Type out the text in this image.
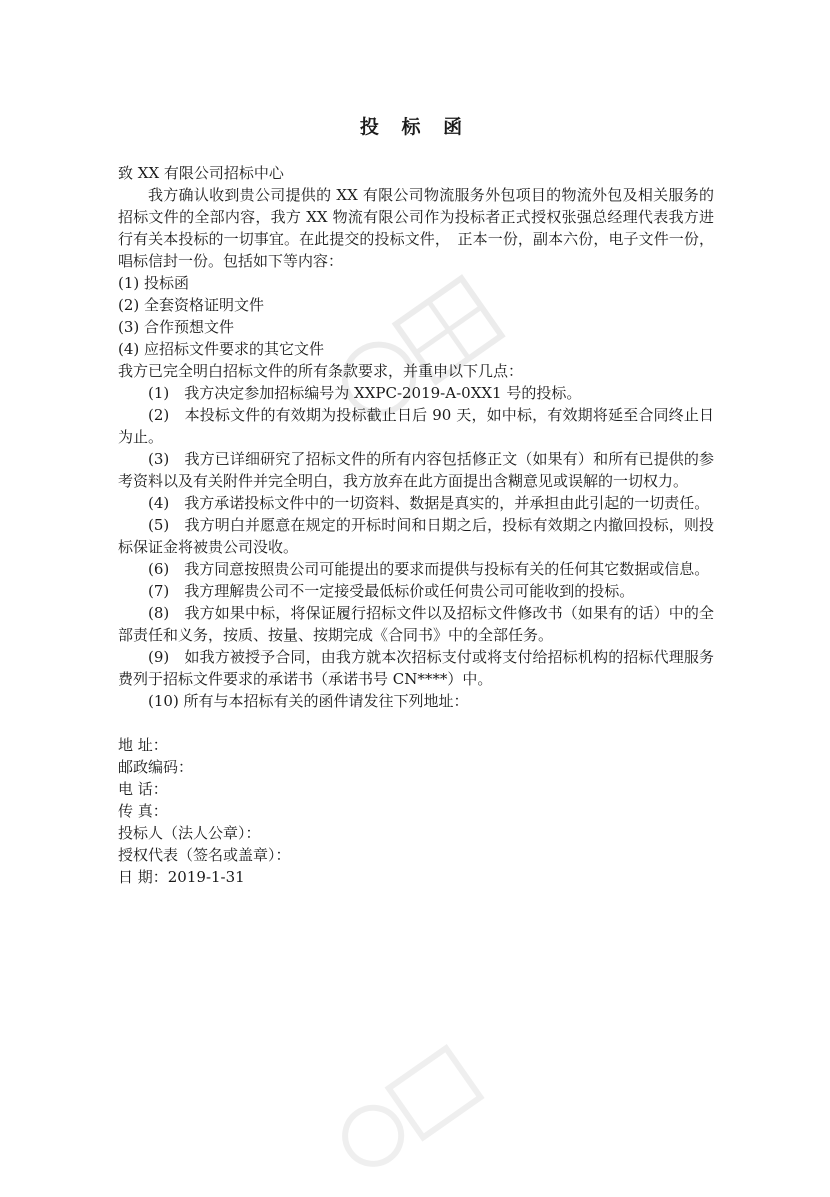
投 标 函

致 XX 有限公司招标中心

我方确认收到贵公司提供的 XX 有限公司物流服务外包项目的物流外包及相关服务的招标文件的全部内容，我方 XX 物流有限公司作为投标者正式授权张强总经理代表我方进行有关本投标的一切事宜。在此提交的投标文件，　正本一份，副本六份，电子文件一份，唱标信封一份。包括如下等内容：

(1) 投标函

(2) 全套资格证明文件

(3) 合作预想文件

(4) 应招标文件要求的其它文件

我方已完全明白招标文件的所有条款要求，并重申以下几点：

(1)　我方决定参加招标编号为 XXPC-2019-A-0XX1 号的投标。

(2)　本投标文件的有效期为投标截止日后 90 天，如中标，有效期将延至合同终止日为止。

(3)　我方已详细研究了招标文件的所有内容包括修正文（如果有）和所有已提供的参考资料以及有关附件并完全明白，我方放弃在此方面提出含糊意见或误解的一切权力。

(4)　我方承诺投标文件中的一切资料、数据是真实的，并承担由此引起的一切责任。

(5)　我方明白并愿意在规定的开标时间和日期之后，投标有效期之内撤回投标，则投标保证金将被贵公司没收。

(6)　我方同意按照贵公司可能提出的要求而提供与投标有关的任何其它数据或信息。

(7)　我方理解贵公司不一定接受最低标价或任何贵公司可能收到的投标。

(8)　我方如果中标，将保证履行招标文件以及招标文件修改书（如果有的话）中的全部责任和义务，按质、按量、按期完成《合同书》中的全部任务。

(9)　如我方被授予合同，由我方就本次招标支付或将支付给招标机构的招标代理服务费列于招标文件要求的承诺书（承诺书号 CN****）中。

(10) 所有与本招标有关的函件请发往下列地址：

地 址：

邮政编码：

电 话：

传 真：

投标人（法人公章）：

授权代表（签名或盖章）：

日 期：2019-1-31
